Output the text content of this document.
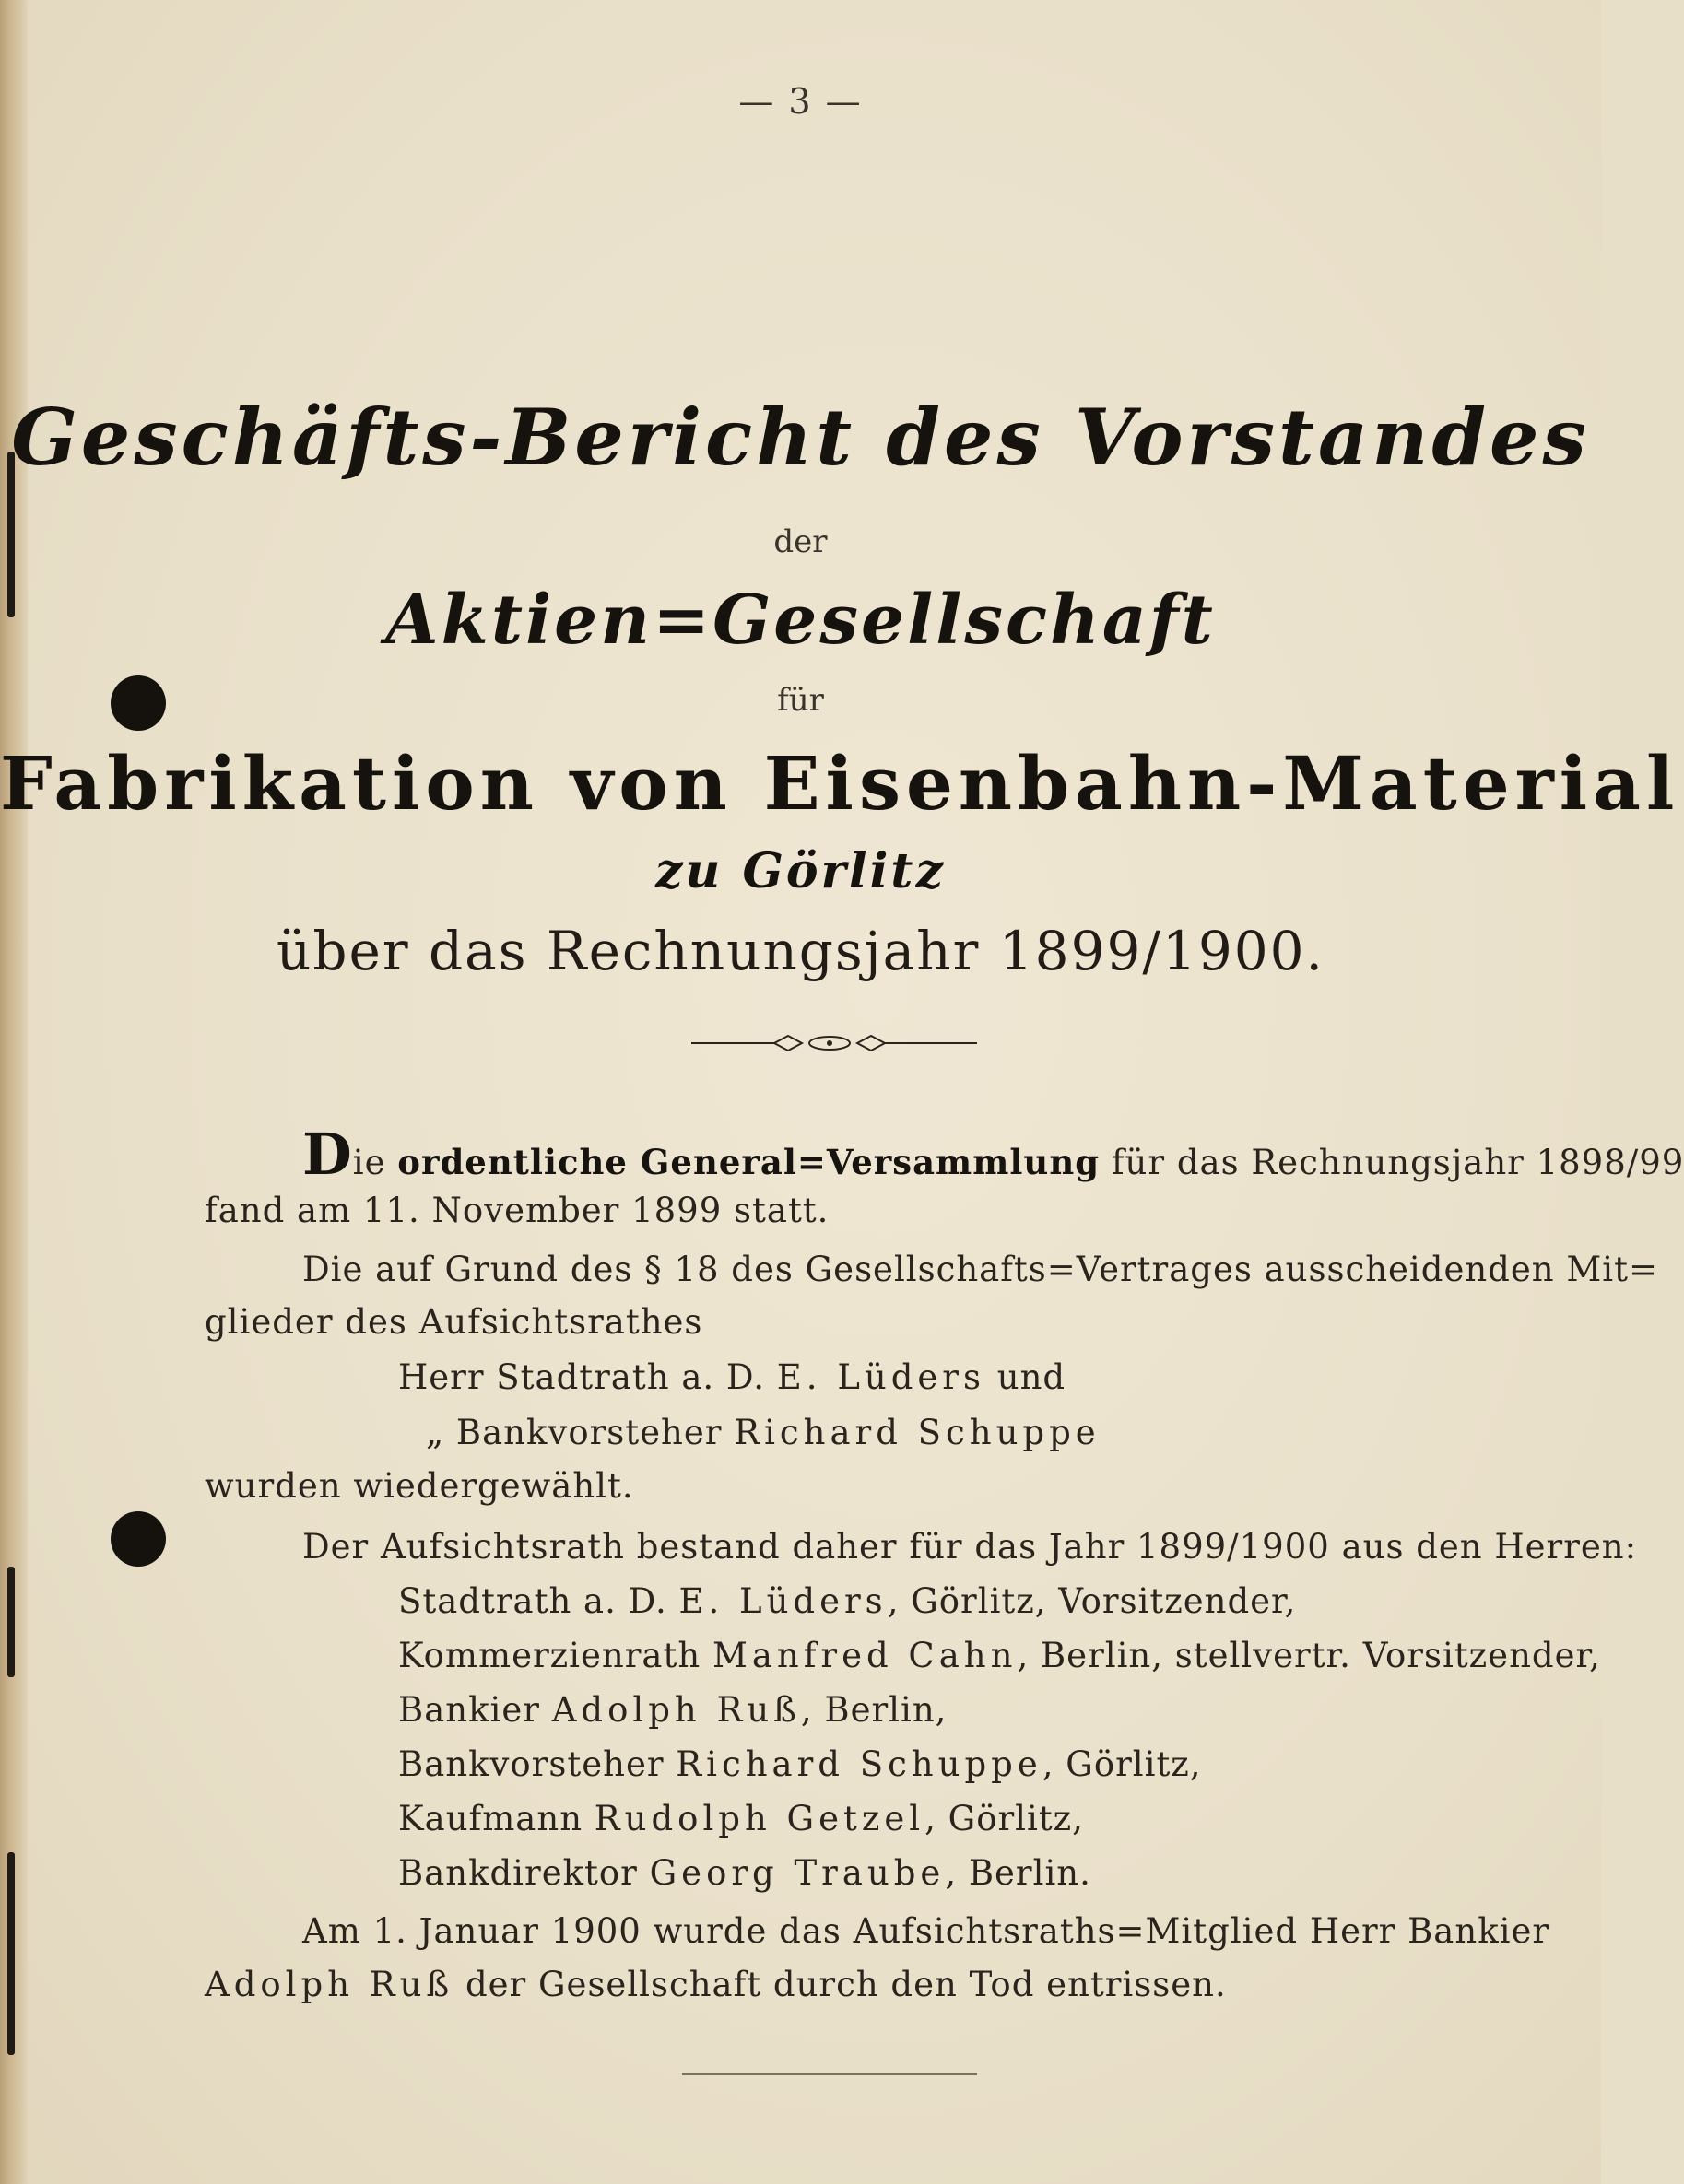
— 3 —
Geschäfts-Bericht des Vorstandes
der
Aktien=Gesellschaft
für
Fabrikation von Eisenbahn-Material
zu Görlitz
über das Rechnungsjahr 1899/1900.
Die ordentliche General=Versammlung für das Rechnungsjahr 1898/99
fand am 11. November 1899 statt.
Die auf Grund des § 18 des Gesellschafts=Vertrages ausscheidenden Mit=
glieder des Aufsichtsrathes
Herr Stadtrath a. D. E. Lüders und
„ Bankvorsteher Richard Schuppe
wurden wiedergewählt.
Der Aufsichtsrath bestand daher für das Jahr 1899/1900 aus den Herren:
Stadtrath a. D. E. Lüders, Görlitz, Vorsitzender,
Kommerzienrath Manfred Cahn, Berlin, stellvertr. Vorsitzender,
Bankier Adolph Ruß, Berlin,
Bankvorsteher Richard Schuppe, Görlitz,
Kaufmann Rudolph Getzel, Görlitz,
Bankdirektor Georg Traube, Berlin.
Am 1. Januar 1900 wurde das Aufsichtsraths=Mitglied Herr Bankier
Adolph Ruß der Gesellschaft durch den Tod entrissen.
